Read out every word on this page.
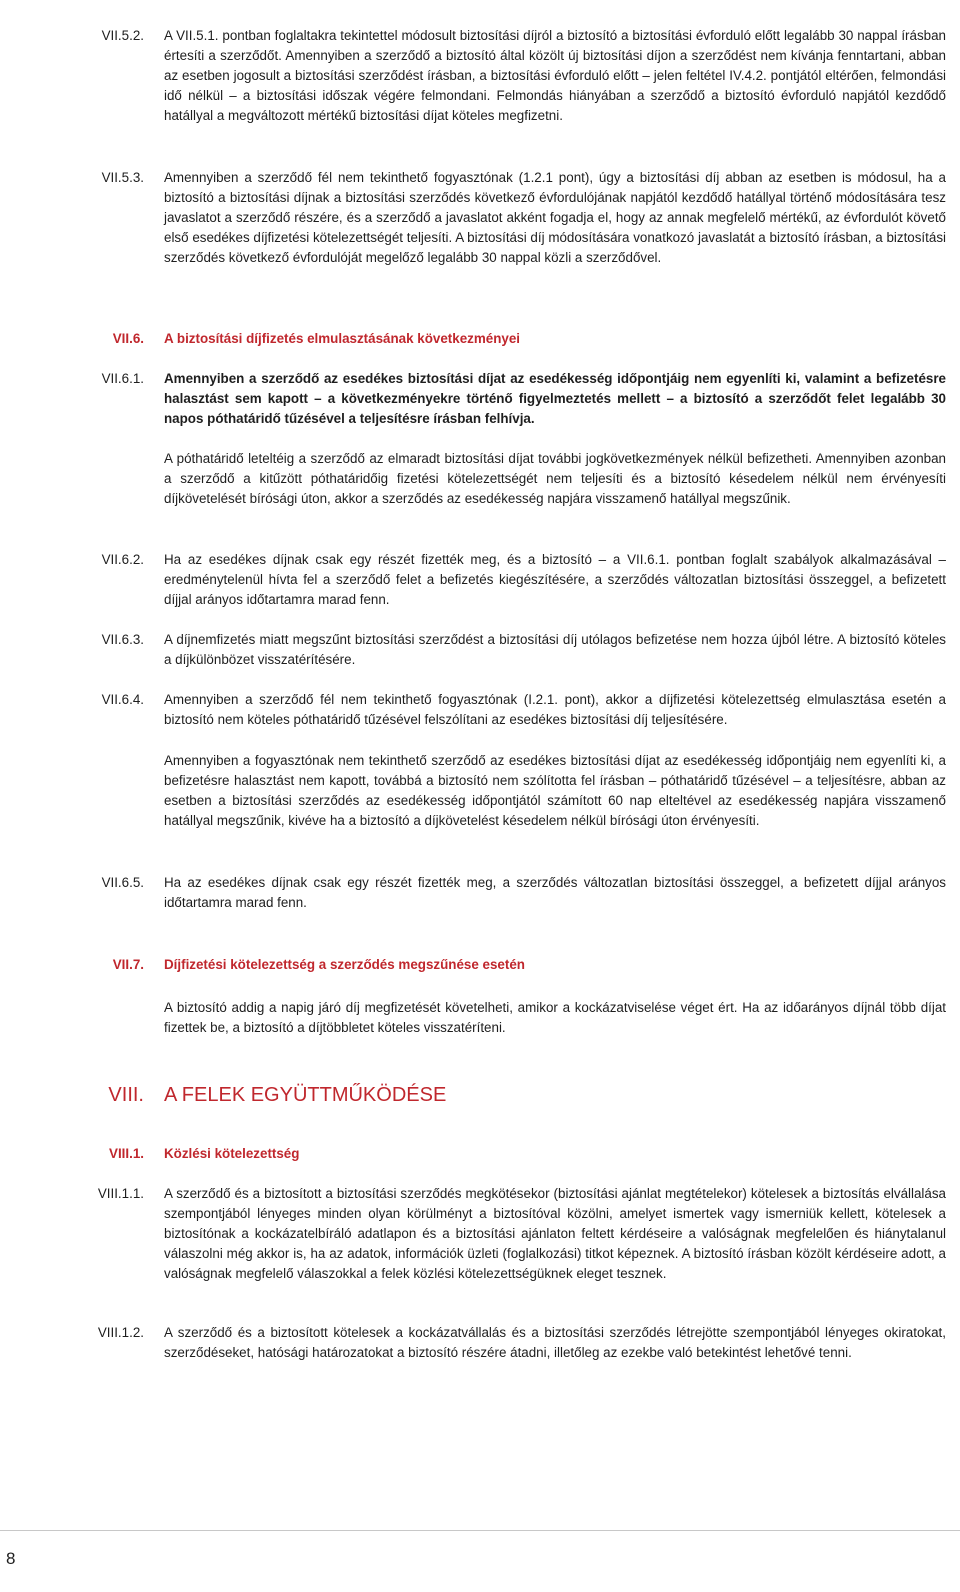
VII.5.2. A VII.5.1. pontban foglaltakra tekintettel módosult biztosítási díjról a biztosító a biztosítási évforduló előtt legalább 30 nappal írásban értesíti a szerződőt. Amennyiben a szerződő a biztosító által közölt új biztosítási díjon a szerződést nem kívánja fenntartani, abban az esetben jogosult a biztosítási szerződést írásban, a biztosítási évforduló előtt – jelen feltétel IV.4.2. pontjától eltérően, felmondási idő nélkül – a biztosítási időszak végére felmondani. Felmondás hiányában a szerződő a biztosító évforduló napjától kezdődő hatállyal a megváltozott mértékű biztosítási díjat köteles megfizetni.

VII.5.3. Amennyiben a szerződő fél nem tekinthető fogyasztónak (1.2.1 pont), úgy a biztosítási díj abban az esetben is módosul, ha a biztosító a biztosítási díjnak a biztosítási szerződés következő évfordulójának napjától kezdődő hatállyal történő módosítására tesz javaslatot a szerződő részére, és a szerződő a javaslatot akként fogadja el, hogy az annak megfelelő mértékű, az évfordulót követő első esedékes díjfizetési kötelezettségét teljesíti. A biztosítási díj módosítására vonatkozó javaslatát a biztosító írásban, a biztosítási szerződés következő évfordulóját megelőző legalább 30 nappal közli a szerződővel.

VII.6. A biztosítási díjfizetés elmulasztásának következményei

VII.6.1. Amennyiben a szerződő az esedékes biztosítási díjat az esedékesség időpontjáig nem egyenlíti ki, valamint a befizetésre halasztást sem kapott – a következményekre történő figyelmeztetés mellett – a biztosító a szerződőt felet legalább 30 napos póthatáridő tűzésével a teljesítésre írásban felhívja.

A póthatáridő leteltéig a szerződő az elmaradt biztosítási díjat további jogkövetkezmények nélkül befizetheti. Amennyiben azonban a szerződő a kitűzött póthatáridőig fizetési kötelezettségét nem teljesíti és a biztosító késedelem nélkül nem érvényesíti díjkövetelését bírósági úton, akkor a szerződés az esedékesség napjára visszamenő hatállyal megszűnik.

VII.6.2. Ha az esedékes díjnak csak egy részét fizették meg, és a biztosító – a VII.6.1. pontban foglalt szabályok alkalmazásával – eredménytelenül hívta fel a szerződő felet a befizetés kiegészítésére, a szerződés változatlan biztosítási összeggel, a befizetett díjjal arányos időtartamra marad fenn.

VII.6.3. A díjnemfizetés miatt megszűnt biztosítási szerződést a biztosítási díj utólagos befizetése nem hozza újból létre. A biztosító köteles a díjkülönbözet visszatérítésére.

VII.6.4. Amennyiben a szerződő fél nem tekinthető fogyasztónak (I.2.1. pont), akkor a díjfizetési kötelezettség elmulasztása esetén a biztosító nem köteles póthatáridő tűzésével felszólítani az esedékes biztosítási díj teljesítésére.

Amennyiben a fogyasztónak nem tekinthető szerződő az esedékes biztosítási díjat az esedékesség időpontjáig nem egyenlíti ki, a befizetésre halasztást nem kapott, továbbá a biztosító nem szólította fel írásban – póthatáridő tűzésével – a teljesítésre, abban az esetben a biztosítási szerződés az esedékesség időpontjától számított 60 nap elteltével az esedékesség napjára visszamenő hatállyal megszűnik, kivéve ha a biztosító a díjkövetelést késedelem nélkül bírósági úton érvényesíti.

VII.6.5. Ha az esedékes díjnak csak egy részét fizették meg, a szerződés változatlan biztosítási összeggel, a befizetett díjjal arányos időtartamra marad fenn.

VII.7. Díjfizetési kötelezettség a szerződés megszűnése esetén

A biztosító addig a napig járó díj megfizetését követelheti, amikor a kockázatviselése véget ért. Ha az időarányos díjnál több díjat fizettek be, a biztosító a díjtöbbletet köteles visszatéríteni.

VIII. A FELEK EGYÜTTMŰKÖDÉSE

VIII.1. Közlési kötelezettség

VIII.1.1. A szerződő és a biztosított a biztosítási szerződés megkötésekor (biztosítási ajánlat megtételekor) kötelesek a biztosítás elvállalása szempontjából lényeges minden olyan körülményt a biztosítóval közölni, amelyet ismertek vagy ismerniük kellett, kötelesek a biztosítónak a kockázatelbíráló adatlapon és a biztosítási ajánlaton feltett kérdéseire a valóságnak megfelelően és hiánytalanul válaszolni még akkor is, ha az adatok, információk üzleti (foglalkozási) titkot képeznek. A biztosító írásban közölt kérdéseire adott, a valóságnak megfelelő válaszokkal a felek közlési kötelezettségüknek eleget tesznek.

VIII.1.2. A szerződő és a biztosított kötelesek a kockázatvállalás és a biztosítási szerződés létrejötte szempontjából lényeges okiratokat, szerződéseket, hatósági határozatokat a biztosító részére átadni, illetőleg az ezekbe való betekintést lehetővé tenni.

8
